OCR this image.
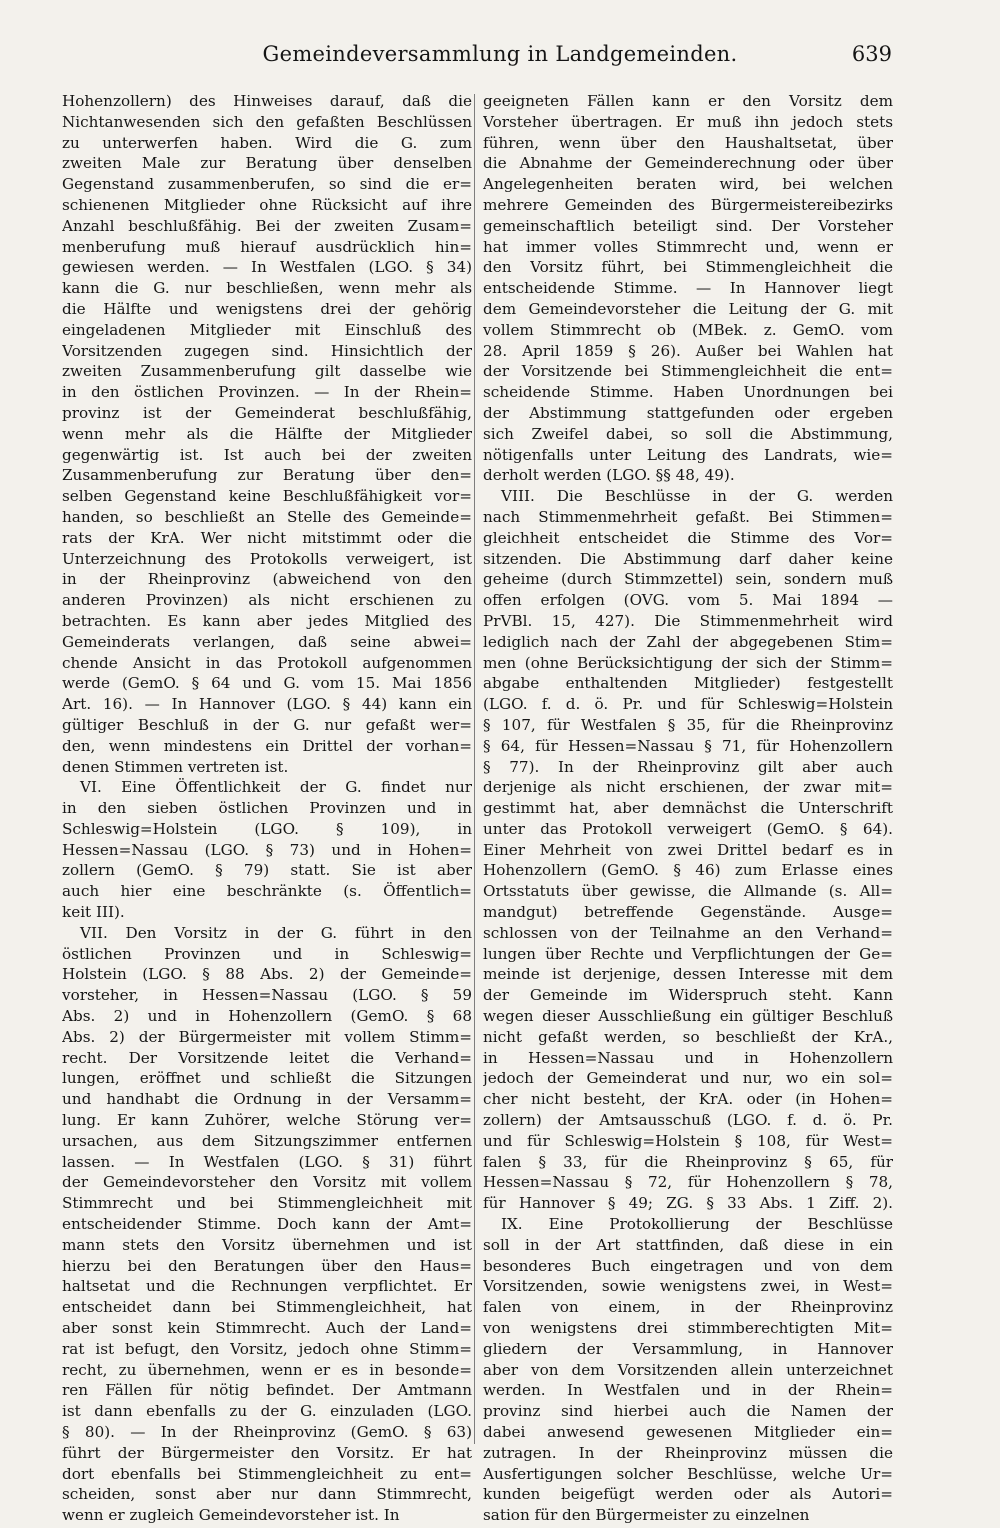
Gemeindeversammlung in Landgemeinden.	639
Hohenzollern) des Hinweises darauf, daß die
Nichtanwesenden sich den gefaßten Beschlüssen
zu unterwerfen haben. Wird die G. zum
zweiten Male zur Beratung über denselben
Gegenstand zusammenberufen, so sind die er=
schienenen Mitglieder ohne Rücksicht auf ihre
Anzahl beschlußfähig. Bei der zweiten Zusam=
menberufung muß hierauf ausdrücklich hin=
gewiesen werden. — In Westfalen (LGO. § 34)
kann die G. nur beschließen, wenn mehr als
die Hälfte und wenigstens drei der gehörig
eingeladenen Mitglieder mit Einschluß des
Vorsitzenden zugegen sind. Hinsichtlich der
zweiten Zusammenberufung gilt dasselbe wie
in den östlichen Provinzen. — In der Rhein=
provinz ist der Gemeinderat beschlußfähig,
wenn mehr als die Hälfte der Mitglieder
gegenwärtig ist. Ist auch bei der zweiten
Zusammenberufung zur Beratung über den=
selben Gegenstand keine Beschlußfähigkeit vor=
handen, so beschließt an Stelle des Gemeinde=
rats der KrA. Wer nicht mitstimmt oder die
Unterzeichnung des Protokolls verweigert, ist
in der Rheinprovinz (abweichend von den
anderen Provinzen) als nicht erschienen zu
betrachten. Es kann aber jedes Mitglied des
Gemeinderats verlangen, daß seine abwei=
chende Ansicht in das Protokoll aufgenommen
werde (GemO. § 64 und G. vom 15. Mai 1856
Art. 16). — In Hannover (LGO. § 44) kann ein
gültiger Beschluß in der G. nur gefaßt wer=
den, wenn mindestens ein Drittel der vorhan=
denen Stimmen vertreten ist.
VI. Eine Öffentlichkeit der G. findet nur
in den sieben östlichen Provinzen und in
Schleswig=Holstein (LGO. § 109), in
Hessen=Nassau (LGO. § 73) und in Hohen=
zollern (GemO. § 79) statt. Sie ist aber
auch hier eine beschränkte (s. Öffentlich=
keit III).
VII. Den Vorsitz in der G. führt in den
östlichen Provinzen und in Schleswig=
Holstein (LGO. § 88 Abs. 2) der Gemeinde=
vorsteher, in Hessen=Nassau (LGO. § 59
Abs. 2) und in Hohenzollern (GemO. § 68
Abs. 2) der Bürgermeister mit vollem Stimm=
recht. Der Vorsitzende leitet die Verhand=
lungen, eröffnet und schließt die Sitzungen
und handhabt die Ordnung in der Versamm=
lung. Er kann Zuhörer, welche Störung ver=
ursachen, aus dem Sitzungszimmer entfernen
lassen. — In Westfalen (LGO. § 31) führt
der Gemeindevorsteher den Vorsitz mit vollem
Stimmrecht und bei Stimmengleichheit mit
entscheidender Stimme. Doch kann der Amt=
mann stets den Vorsitz übernehmen und ist
hierzu bei den Beratungen über den Haus=
haltsetat und die Rechnungen verpflichtet. Er
entscheidet dann bei Stimmengleichheit, hat
aber sonst kein Stimmrecht. Auch der Land=
rat ist befugt, den Vorsitz, jedoch ohne Stimm=
recht, zu übernehmen, wenn er es in besonde=
ren Fällen für nötig befindet. Der Amtmann
ist dann ebenfalls zu der G. einzuladen (LGO.
§ 80). — In der Rheinprovinz (GemO. § 63)
führt der Bürgermeister den Vorsitz. Er hat
dort ebenfalls bei Stimmengleichheit zu ent=
scheiden, sonst aber nur dann Stimmrecht,
wenn er zugleich Gemeindevorsteher ist. In
geeigneten Fällen kann er den Vorsitz dem
Vorsteher übertragen. Er muß ihn jedoch stets
führen, wenn über den Haushaltsetat, über
die Abnahme der Gemeinderechnung oder über
Angelegenheiten beraten wird, bei welchen
mehrere Gemeinden des Bürgermeistereibezirks
gemeinschaftlich beteiligt sind. Der Vorsteher
hat immer volles Stimmrecht und, wenn er
den Vorsitz führt, bei Stimmengleichheit die
entscheidende Stimme. — In Hannover liegt
dem Gemeindevorsteher die Leitung der G. mit
vollem Stimmrecht ob (MBek. z. GemO. vom
28. April 1859 § 26). Außer bei Wahlen hat
der Vorsitzende bei Stimmengleichheit die ent=
scheidende Stimme. Haben Unordnungen bei
der Abstimmung stattgefunden oder ergeben
sich Zweifel dabei, so soll die Abstimmung,
nötigenfalls unter Leitung des Landrats, wie=
derholt werden (LGO. §§ 48, 49).
VIII. Die Beschlüsse in der G. werden
nach Stimmenmehrheit gefaßt. Bei Stimmen=
gleichheit entscheidet die Stimme des Vor=
sitzenden. Die Abstimmung darf daher keine
geheime (durch Stimmzettel) sein, sondern muß
offen erfolgen (OVG. vom 5. Mai 1894 —
PrVBl. 15, 427). Die Stimmenmehrheit wird
lediglich nach der Zahl der abgegebenen Stim=
men (ohne Berücksichtigung der sich der Stimm=
abgabe enthaltenden Mitglieder) festgestellt
(LGO. f. d. ö. Pr. und für Schleswig=Holstein
§ 107, für Westfalen § 35, für die Rheinprovinz
§ 64, für Hessen=Nassau § 71, für Hohenzollern
§ 77). In der Rheinprovinz gilt aber auch
derjenige als nicht erschienen, der zwar mit=
gestimmt hat, aber demnächst die Unterschrift
unter das Protokoll verweigert (GemO. § 64).
Einer Mehrheit von zwei Drittel bedarf es in
Hohenzollern (GemO. § 46) zum Erlasse eines
Ortsstatuts über gewisse, die Allmande (s. All=
mandgut) betreffende Gegenstände. Ausge=
schlossen von der Teilnahme an den Verhand=
lungen über Rechte und Verpflichtungen der Ge=
meinde ist derjenige, dessen Interesse mit dem
der Gemeinde im Widerspruch steht. Kann
wegen dieser Ausschließung ein gültiger Beschluß
nicht gefaßt werden, so beschließt der KrA.,
in Hessen=Nassau und in Hohenzollern
jedoch der Gemeinderat und nur, wo ein sol=
cher nicht besteht, der KrA. oder (in Hohen=
zollern) der Amtsausschuß (LGO. f. d. ö. Pr.
und für Schleswig=Holstein § 108, für West=
falen § 33, für die Rheinprovinz § 65, für
Hessen=Nassau § 72, für Hohenzollern § 78,
für Hannover § 49; ZG. § 33 Abs. 1 Ziff. 2).
IX. Eine Protokollierung der Beschlüsse
soll in der Art stattfinden, daß diese in ein
besonderes Buch eingetragen und von dem
Vorsitzenden, sowie wenigstens zwei, in West=
falen von einem, in der Rheinprovinz
von wenigstens drei stimmberechtigten Mit=
gliedern der Versammlung, in Hannover
aber von dem Vorsitzenden allein unterzeichnet
werden. In Westfalen und in der Rhein=
provinz sind hierbei auch die Namen der
dabei anwesend gewesenen Mitglieder ein=
zutragen. In der Rheinprovinz müssen die
Ausfertigungen solcher Beschlüsse, welche Ur=
kunden beigefügt werden oder als Autori=
sation für den Bürgermeister zu einzelnen
